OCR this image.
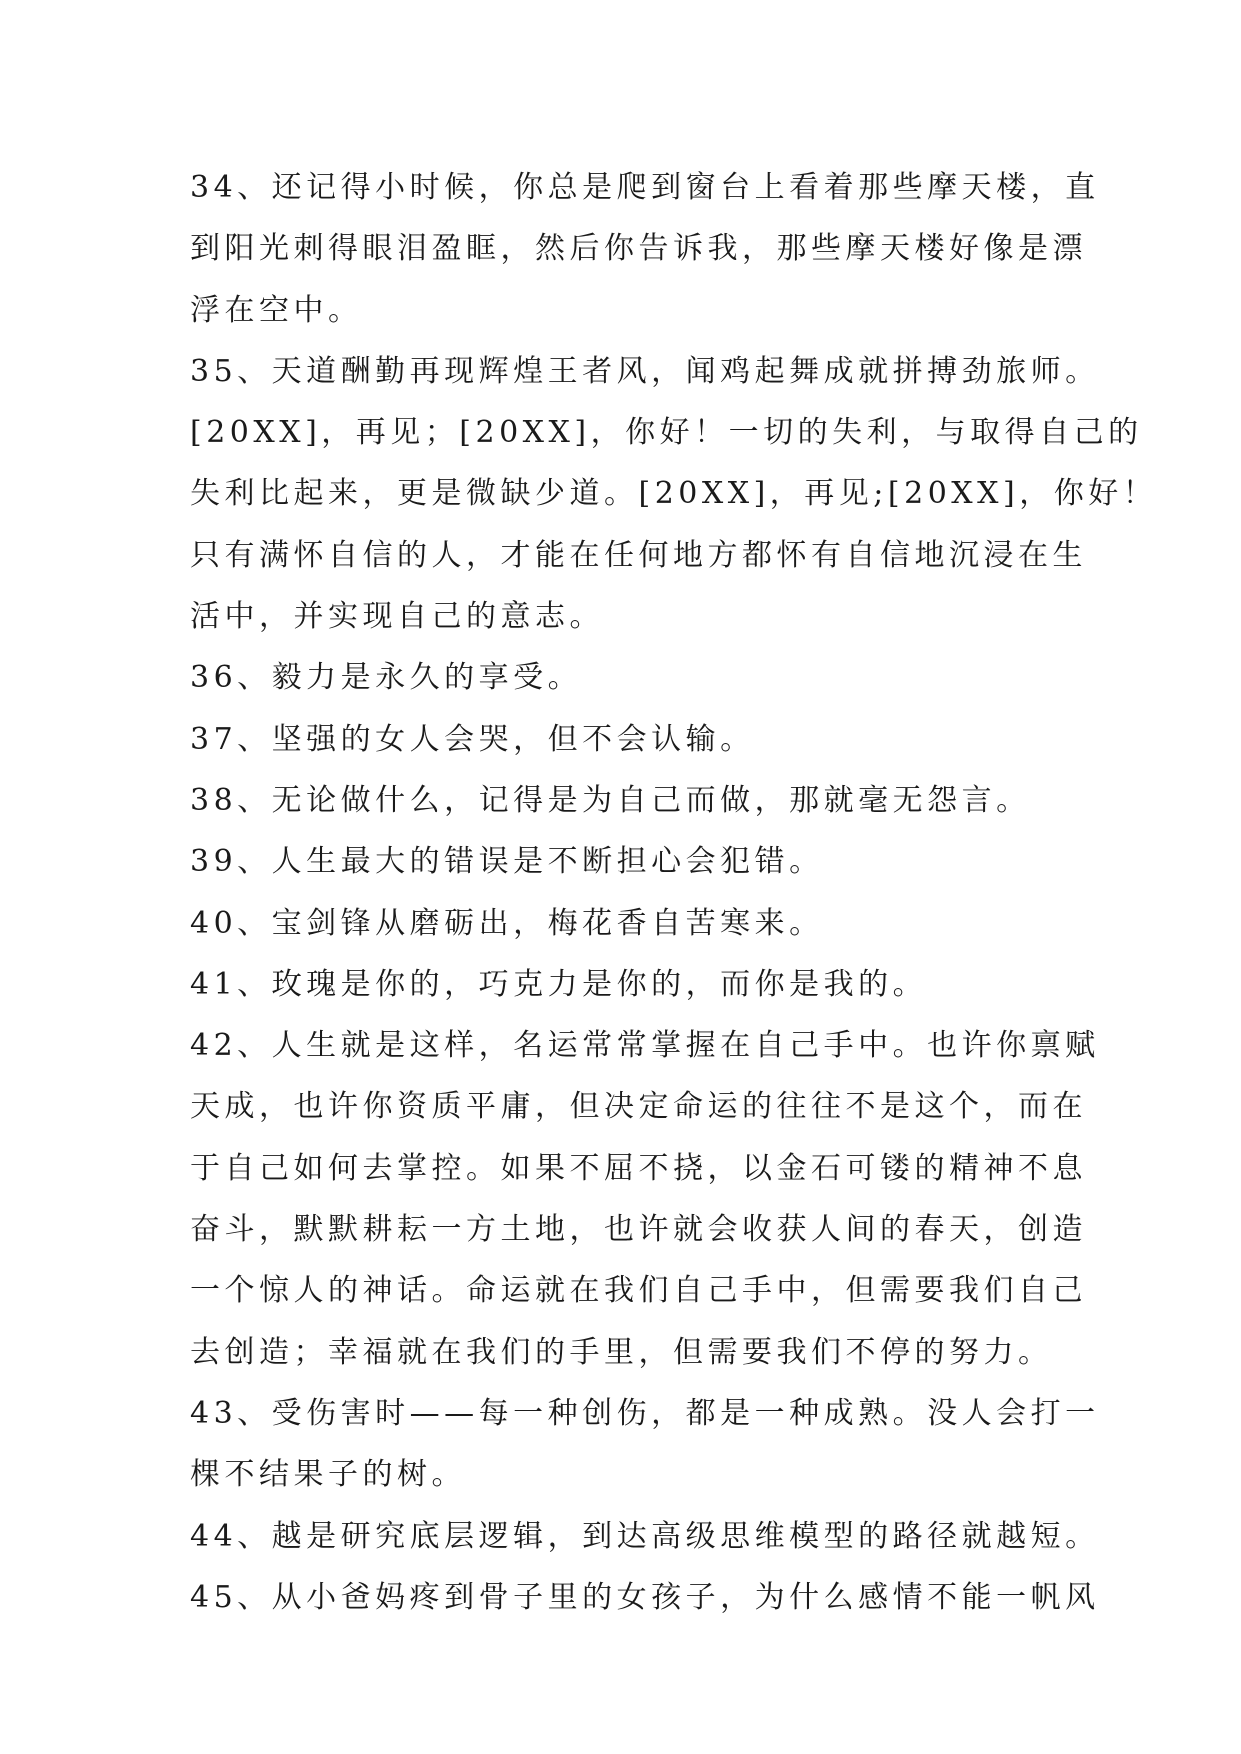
34、还记得小时候，你总是爬到窗台上看着那些摩天楼，直
到阳光刺得眼泪盈眶，然后你告诉我，那些摩天楼好像是漂
浮在空中。
35、天道酬勤再现辉煌王者风，闻鸡起舞成就拼搏劲旅师。
[20XX]，再见；[20XX]，你好！一切的失利，与取得自己的
失利比起来，更是微缺少道。[20XX]，再见;[20XX]，你好！
只有满怀自信的人，才能在任何地方都怀有自信地沉浸在生
活中，并实现自己的意志。
36、毅力是永久的享受。
37、坚强的女人会哭，但不会认输。
38、无论做什么，记得是为自己而做，那就毫无怨言。
39、人生最大的错误是不断担心会犯错。
40、宝剑锋从磨砺出，梅花香自苦寒来。
41、玫瑰是你的，巧克力是你的，而你是我的。
42、人生就是这样，名运常常掌握在自己手中。也许你禀赋
天成，也许你资质平庸，但决定命运的往往不是这个，而在
于自己如何去掌控。如果不屈不挠，以金石可镂的精神不息
奋斗，默默耕耘一方土地，也许就会收获人间的春天，创造
一个惊人的神话。命运就在我们自己手中，但需要我们自己
去创造；幸福就在我们的手里，但需要我们不停的努力。
43、受伤害时——每一种创伤，都是一种成熟。没人会打一
棵不结果子的树。
44、越是研究底层逻辑，到达高级思维模型的路径就越短。
45、从小爸妈疼到骨子里的女孩子，为什么感情不能一帆风
